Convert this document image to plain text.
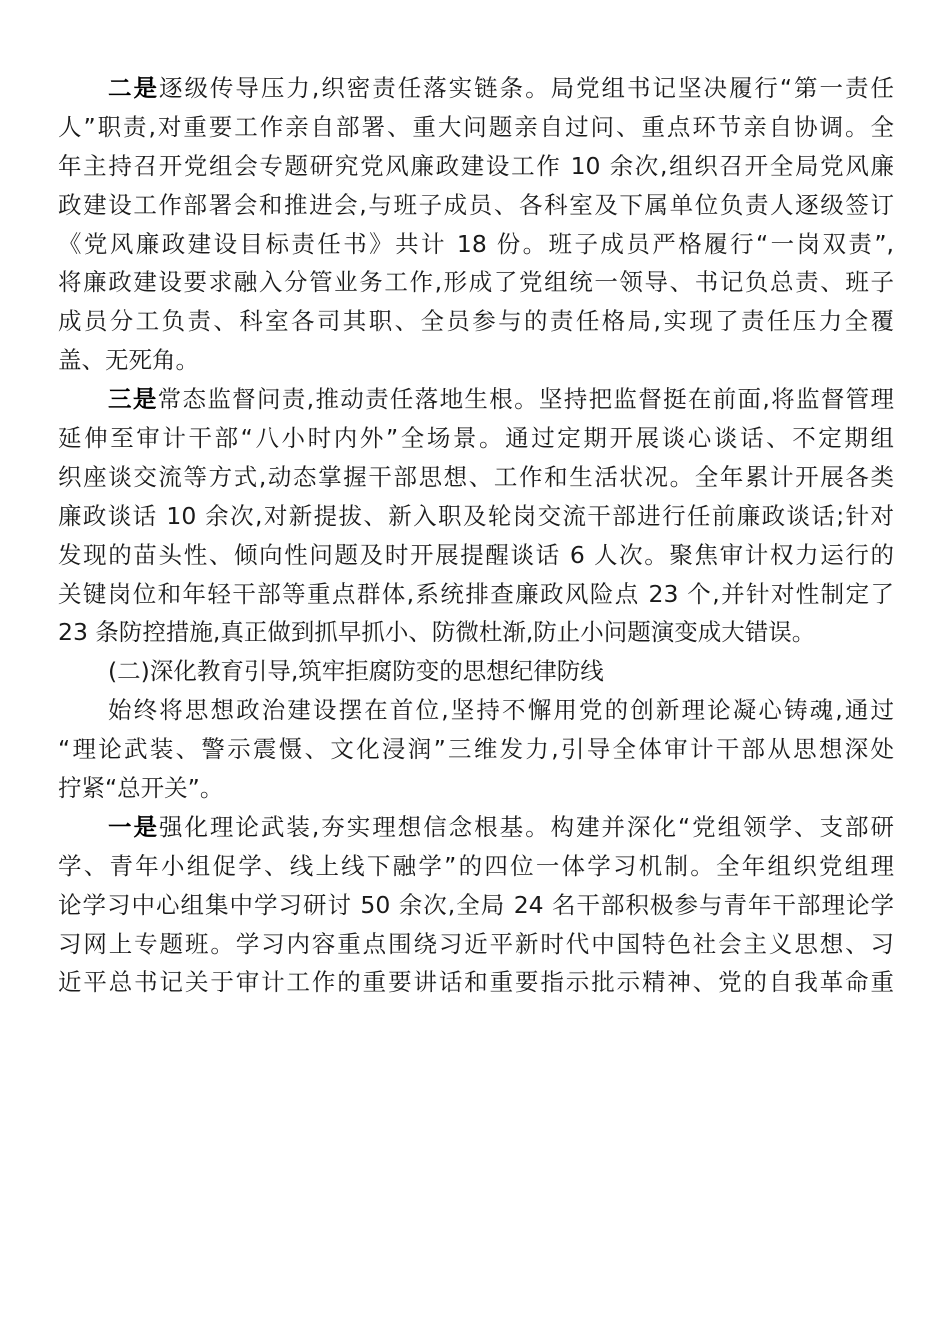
二是逐级传导压力,织密责任落实链条。局党组书记坚决履行“第一责任
人”职责,对重要工作亲自部署、重大问题亲自过问、重点环节亲自协调。全
年主持召开党组会专题研究党风廉政建设工作 10 余次,组织召开全局党风廉
政建设工作部署会和推进会,与班子成员、各科室及下属单位负责人逐级签订
《党风廉政建设目标责任书》共计 18 份。班子成员严格履行“一岗双责”,
将廉政建设要求融入分管业务工作,形成了党组统一领导、书记负总责、班子
成员分工负责、科室各司其职、全员参与的责任格局,实现了责任压力全覆
盖、无死角。
三是常态监督问责,推动责任落地生根。坚持把监督挺在前面,将监督管理
延伸至审计干部“八小时内外”全场景。通过定期开展谈心谈话、不定期组
织座谈交流等方式,动态掌握干部思想、工作和生活状况。全年累计开展各类
廉政谈话 10 余次,对新提拔、新入职及轮岗交流干部进行任前廉政谈话;针对
发现的苗头性、倾向性问题及时开展提醒谈话 6 人次。聚焦审计权力运行的
关键岗位和年轻干部等重点群体,系统排查廉政风险点 23 个,并针对性制定了
23 条防控措施,真正做到抓早抓小、防微杜渐,防止小问题演变成大错误。
(二)深化教育引导,筑牢拒腐防变的思想纪律防线
始终将思想政治建设摆在首位,坚持不懈用党的创新理论凝心铸魂,通过
“理论武装、警示震慑、文化浸润”三维发力,引导全体审计干部从思想深处
拧紧“总开关”。
一是强化理论武装,夯实理想信念根基。构建并深化“党组领学、支部研
学、青年小组促学、线上线下融学”的四位一体学习机制。全年组织党组理
论学习中心组集中学习研讨 50 余次,全局 24 名干部积极参与青年干部理论学
习网上专题班。学习内容重点围绕习近平新时代中国特色社会主义思想、习
近平总书记关于审计工作的重要讲话和重要指示批示精神、党的自我革命重
